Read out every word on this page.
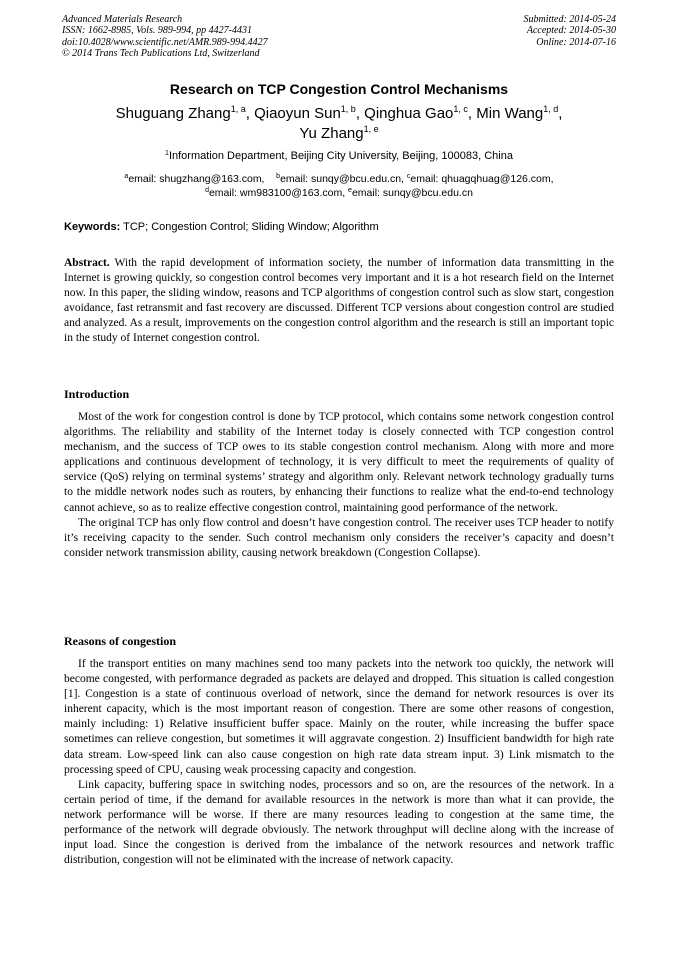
Advanced Materials Research
ISSN: 1662-8985, Vols. 989-994, pp 4427-4431
doi:10.4028/www.scientific.net/AMR.989-994.4427
© 2014 Trans Tech Publications Ltd, Switzerland
Submitted: 2014-05-24
Accepted: 2014-05-30
Online: 2014-07-16
Research on TCP Congestion Control Mechanisms
Shuguang Zhang$^{1, a}$, Qiaoyun Sun$^{1, b}$, Qinghua Gao$^{1, c}$, Min Wang$^{1, d}$,
Yu Zhang$^{1, e}$
$^1$Information Department, Beijing City University, Beijing, 100083, China
$^a$email: shugzhang@163.com, $^b$email: sunqy@bcu.edu.cn, $^c$email: qhuagqhuag@126.com,
$^d$email: wm983100@163.com, $^e$email: sunqy@bcu.edu.cn
Keywords: TCP; Congestion Control; Sliding Window; Algorithm
Abstract. With the rapid development of information society, the number of information data transmitting in the Internet is growing quickly, so congestion control becomes very important and it is a hot research field on the Internet now. In this paper, the sliding window, reasons and TCP algorithms of congestion control such as slow start, congestion avoidance, fast retransmit and fast recovery are discussed. Different TCP versions about congestion control are studied and analyzed. As a result, improvements on the congestion control algorithm and the research is still an important topic in the study of Internet congestion control.
Introduction

Most of the work for congestion control is done by TCP protocol, which contains some network congestion control algorithms. The reliability and stability of the Internet today is closely connected with TCP congestion control mechanism, and the success of TCP owes to its stable congestion control mechanism. Along with more and more applications and continuous development of technology, it is very difficult to meet the requirements of quality of service (QoS) relying on terminal systems’ strategy and algorithm only. Relevant network technology gradually turns to the middle network nodes such as routers, by enhancing their functions to realize what the end-to-end technology cannot achieve, so as to realize effective congestion control, maintaining good performance of the network.

The original TCP has only flow control and doesn’t have congestion control. The receiver uses TCP header to notify it’s receiving capacity to the sender. Such control mechanism only considers the receiver’s capacity and doesn’t consider network transmission ability, causing network breakdown (Congestion Collapse).

Reasons of congestion

If the transport entities on many machines send too many packets into the network too quickly, the network will become congested, with performance degraded as packets are delayed and dropped. This situation is called congestion [1]. Congestion is a state of continuous overload of network, since the demand for network resources is over its inherent capacity, which is the most important reason of congestion. There are some other reasons of congestion, mainly including: 1) Relative insufficient buffer space. Mainly on the router, while increasing the buffer space sometimes can relieve congestion, but sometimes it will aggravate congestion. 2) Insufficient bandwidth for high rate data stream. Low-speed link can also cause congestion on high rate data stream input. 3) Link mismatch to the processing speed of CPU, causing weak processing capacity and congestion.

Link capacity, buffering space in switching nodes, processors and so on, are the resources of the network. In a certain period of time, if the demand for available resources in the network is more than what it can provide, the network performance will be worse. If there are many resources leading to congestion at the same time, the performance of the network will degrade obviously. The network throughput will decline along with the increase of input load. Since the congestion is derived from the imbalance of the network resources and network traffic distribution, congestion will not be eliminated with the increase of network capacity.
